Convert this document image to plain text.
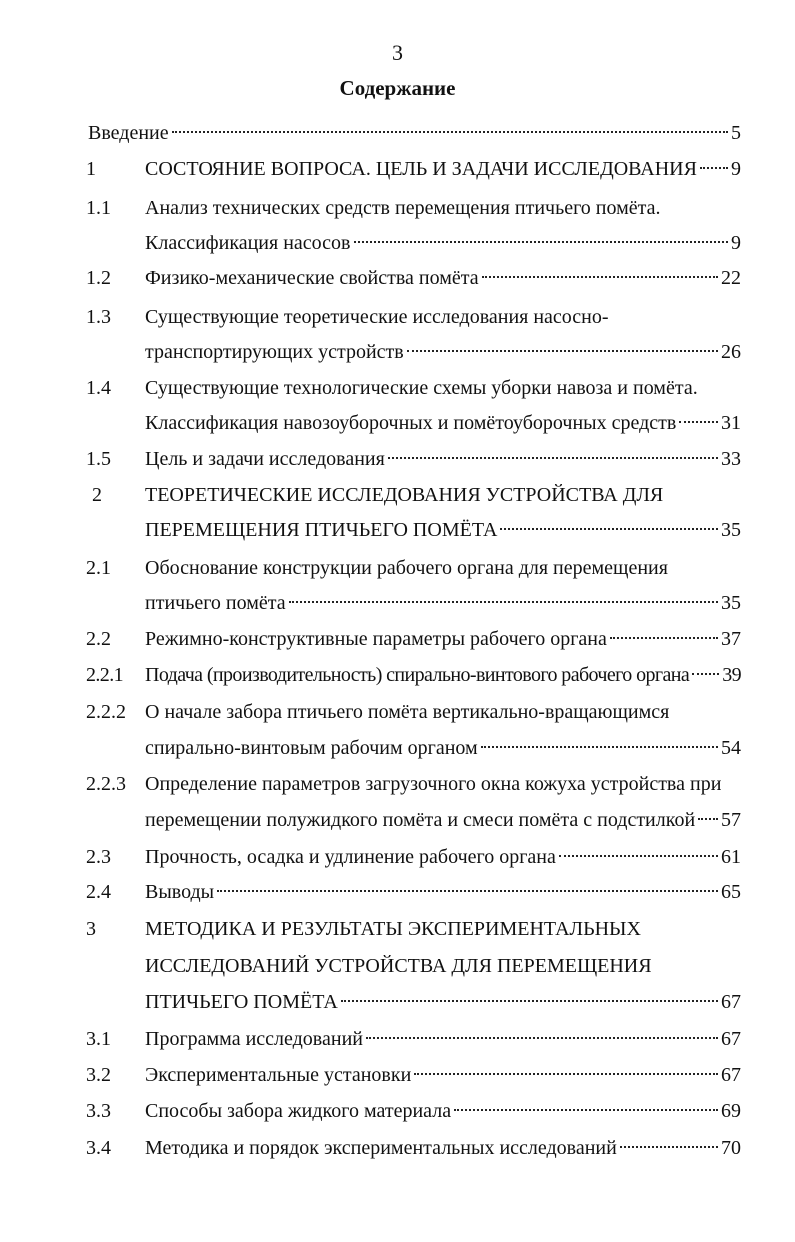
3
Содержание
Введение	5
1 СОСТОЯНИЕ ВОПРОСА. ЦЕЛЬ И ЗАДАЧИ ИССЛЕДОВАНИЯ 9
1.1 Анализ технических средств перемещения птичьего помёта.
Классификация насосов	9
1.2 Физико-механические свойства помёта	22
1.3 Существующие теоретические исследования насосно-
транспортирующих устройств	26
1.4 Существующие технологические схемы уборки навоза и помёта.
Классификация навозоуборочных и помётоуборочных средств 31
1.5 Цель и задачи исследования	33
2 ТЕОРЕТИЧЕСКИЕ ИССЛЕДОВАНИЯ УСТРОЙСТВА ДЛЯ
ПЕРЕМЕЩЕНИЯ ПТИЧЬЕГО ПОМЁТА	35
2.1 Обоснование конструкции рабочего органа для перемещения
птичьего помёта	35
2.2 Режимно-конструктивные параметры рабочего органа	37
2.2.1 Подача (производительность) спирально-винтового рабочего органа 39
2.2.2 О начале забора птичьего помёта вертикально-вращающимся
спирально-винтовым рабочим органом	54
2.2.3 Определение параметров загрузочного окна кожуха устройства при
перемещении полужидкого помёта и смеси помёта с подстилкой 57
2.3 Прочность, осадка и удлинение рабочего органа	61
2.4 Выводы	65
3 МЕТОДИКА И РЕЗУЛЬТАТЫ ЭКСПЕРИМЕНТАЛЬНЫХ
ИССЛЕДОВАНИЙ УСТРОЙСТВА ДЛЯ ПЕРЕМЕЩЕНИЯ
ПТИЧЬЕГО ПОМЁТА	67
3.1 Программа исследований	67
3.2 Экспериментальные установки	67
3.3 Способы забора жидкого материала	69
3.4 Методика и порядок экспериментальных исследований	70
